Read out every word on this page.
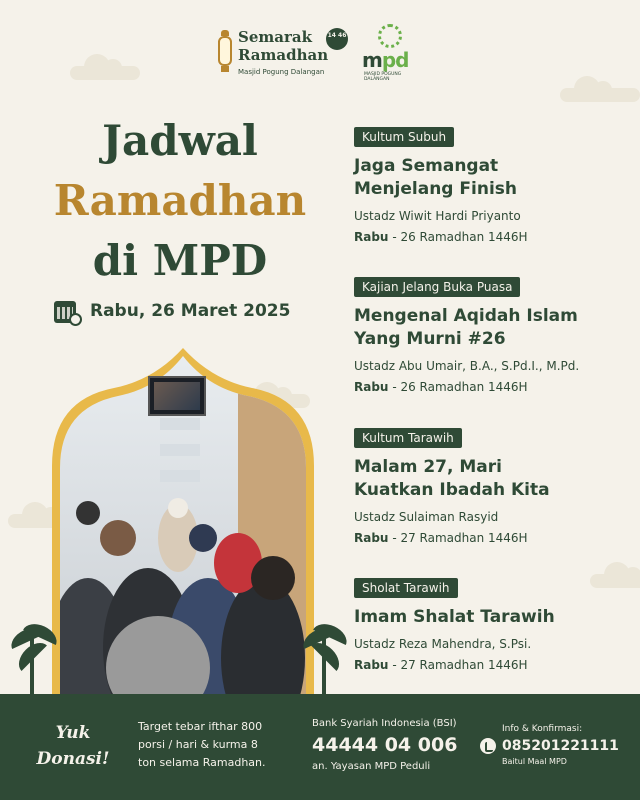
Semarak
Ramadhan
Masjid Pogung Dalangan
14 46
mpd
MASJID POGUNG DALANGAN
Jadwal
Ramadhan
di MPD
Rabu, 26 Maret 2025
Kultum Subuh
Jaga Semangat
Menjelang Finish
Ustadz Wiwit Hardi Priyanto
Rabu - 26 Ramadhan 1446H
Kajian Jelang Buka Puasa
Mengenal Aqidah Islam
Yang Murni #26
Ustadz Abu Umair, B.A., S.Pd.I., M.Pd.
Rabu - 26 Ramadhan 1446H
Kultum Tarawih
Malam 27, Mari
Kuatkan Ibadah Kita
Ustadz Sulaiman Rasyid
Rabu - 27 Ramadhan 1446H
Sholat Tarawih
Imam Shalat Tarawih
Ustadz Reza Mahendra, S.Psi.
Rabu - 27 Ramadhan 1446H
Yuk
Donasi!
Target tebar ifthar 800
porsi / hari & kurma 8
ton selama Ramadhan.
Bank Syariah Indonesia (BSI)
44444 04 006
an. Yayasan MPD Peduli
Info & Konfirmasi:
085201221111
Baitul Maal MPD
